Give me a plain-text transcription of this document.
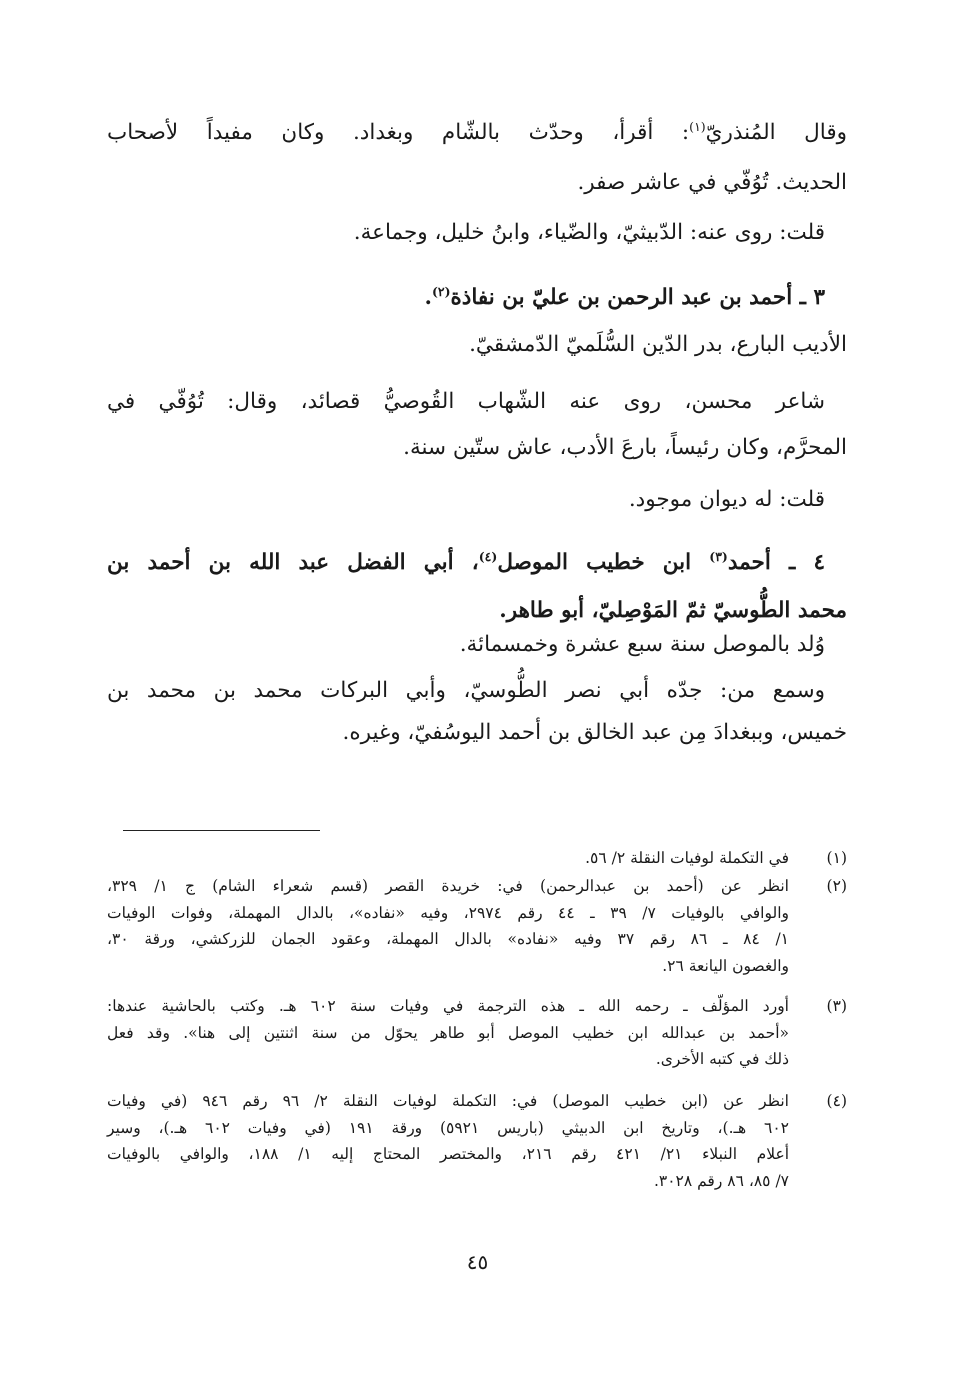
وقال المُنذريّ$^{(١)}$: أقرأ، وحدّث بالشّام وبغداد. وكان مفيداً لأصحاب
الحديث. تُوُفّي في عاشر صفر.
قلت: روى عنه: الدّبيثيّ، والضّياء، وابنُ خليل، وجماعة.
٣ ـ أحمد بن عبد الرحمن بن عليّ بن نفاذة$^{(٢)}$.
الأديب البارع، بدر الدّين السُّلَميّ الدّمشقيّ.
شاعر محسن، روى عنه الشّهاب القُوصيُّ قصائد، وقال: تُوُفّي في
المحرَّم، وكان رئيساً، بارعَ الأدب، عاش ستّين سنة.
قلت: له ديوان موجود.
٤ ـ أحمد$^{(٣)}$ ابن خطيب الموصل$^{(٤)}$، أبي الفضل عبد الله بن أحمد بن
محمد الطُّوسيّ ثمّ المَوْصِليّ، أبو طاهر.
وُلد بالموصل سنة سبع عشرة وخمسمائة.
وسمع من: جدّه أبي نصر الطُّوسيّ، وأبي البركات محمد بن محمد بن
خميس، وببغدادَ مِن عبد الخالق بن أحمد اليوسُفيّ، وغيره.
(١)
في التكملة لوفيات النقلة ٢/ ٥٦.
(٢)
انظر عن (أحمد بن عبدالرحمن) في: خريدة القصر (قسم شعراء الشام) ج ١/ ٣٢٩،
والوافي بالوفيات ٧/ ٣٩ ـ ٤٤ رقم ٢٩٧٤، وفيه «نفاده»، بالدال المهملة، وفوات الوفيات
١/ ٨٤ ـ ٨٦ رقم ٣٧ وفيه «نفاده» بالدال المهملة، وعقود الجمان للزركشي، ورقة ٣٠،
والغصون اليانعة ٢٦.
(٣)
أورد المؤلّف ـ رحمه الله ـ هذه الترجمة في وفيات سنة ٦٠٢ هـ. وكتب بالحاشية عندها:
«أحمد بن عبدالله ابن خطيب الموصل أبو طاهر يحوّل من سنة اثنتين إلى هنا». وقد فعل
ذلك في كتبه الأخرى.
(٤)
انظر عن (ابن خطيب الموصل) في: التكملة لوفيات النقلة ٢/ ٩٦ رقم ٩٤٦ (في وفيات
٦٠٢ هـ.)، وتاريخ ابن الدبيثي (باريس ٥٩٢١) ورقة ١٩١ (في وفيات ٦٠٢ هـ.)، وسير
أعلام النبلاء ٢١/ ٤٢١ رقم ٢١٦، والمختصر المحتاج إليه ١/ ١٨٨، والوافي بالوفيات
٧/ ٨٥، ٨٦ رقم ٣٠٢٨.
٤٥
